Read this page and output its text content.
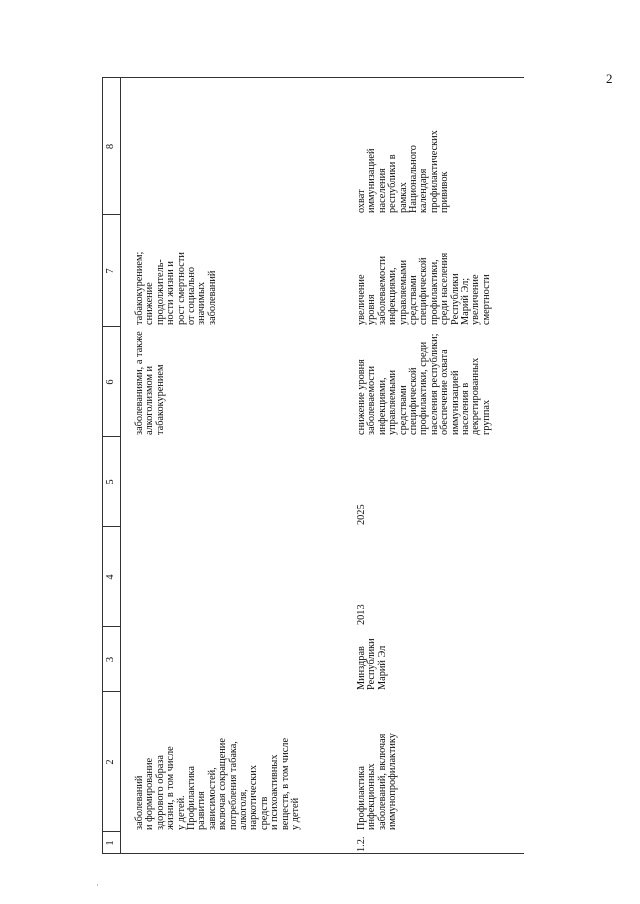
2
1
2
3
4
5
6
7
8
заболеваний
и формирование
здорового образа
жизни, в том числе
у детей.
Профилактика
развития
зависимостей,
включая сокращение
потребления табака,
алкоголя,
наркотических
средств
и психоактивных
веществ, в том числе
у детей
заболеваниями, а также
алкоголизмом и
табакокурением
табакокурением;
снижение
продолжитель-
ности жизни и
рост смертности
от социально
значимых
заболеваний
1.2.
Профилактика
инфекционных
заболеваний, включая
иммунопрофилактику
Минздрав
Республики
Марий Эл
2013
2025
снижение уровня
заболеваемости
инфекциями,
управляемыми
средствами
специфической
профилактики, среди
населения республики;
обеспечение охвата
иммунизацией
населения в
декретированных
группах
увеличение
уровня
заболеваемости
инфекциями,
управляемыми
средствами
специфической
профилактики,
среди населения
Республики
Марий Эл;
увеличение
смертности
охват
иммунизацией
населения
республики в
рамках
Национального
календаря
профилактических
прививок
·
